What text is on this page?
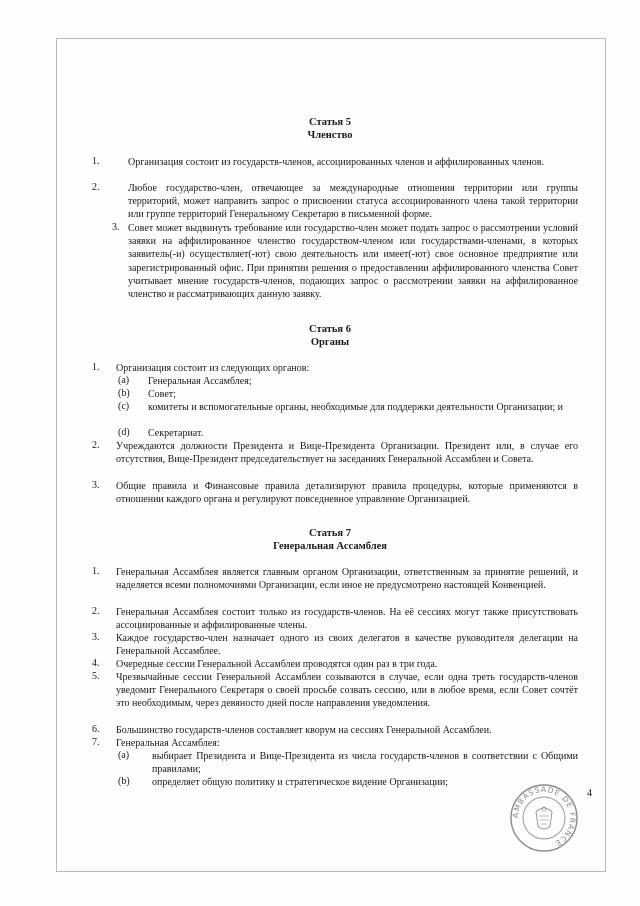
Статья 5
Членство
1.	Организация состоит из государств-членов, ассоциированных членов и аффилированных членов.
2.	Любое государство-член, отвечающее за международные отношения территории или группы территорий, может направить запрос о присвоении статуса ассоциированного члена такой территории или группе территорий Генеральному Секретарю в письменной форме.
3. Совет может выдвинуть требование или государство-член может подать запрос о рассмотрении условий заявки на аффилированное членство государством-членом или государствами-членами, в которых заявитель(-и) осуществляет(-ют) свою деятельность или имеет(-ют) свое основное предприятие или зарегистрированный офис. При принятии решения о предоставлении аффилированного членства Совет учитывает мнение государств-членов, подающих запрос о рассмотрении заявки на аффилированное членство и рассматривающих данную заявку.
Статья 6
Органы
1. Организация состоит из следующих органов:
(a) Генеральная Ассамблея;
(b) Совет;
(c) комитеты и вспомогательные органы, необходимые для поддержки деятельности Организации; и
(d) Секретариат.
2. Учреждаются должности Президента и Вице-Президента Организации. Президент или, в случае его отсутствия, Вице-Президент председательствует на заседаниях Генеральной Ассамблеи и Совета.
3. Общие правила и Финансовые правила детализируют правила процедуры, которые применяются в отношении каждого органа и регулируют повседневное управление Организацией.
Статья 7
Генеральная Ассамблея
1. Генеральная Ассамблея является главным органом Организации, ответственным за принятие решений, и наделяется всеми полномочиями Организации, если иное не предусмотрено настоящей Конвенцией.
2. Генеральная Ассамблея состоит только из государств-членов. На её сессиях могут также присутствовать ассоциированные и аффилированные члены.
3. Каждое государство-член назначает одного из своих делегатов в качестве руководителя делегации на Генеральной Ассамблее.
4. Очередные сессии Генеральной Ассамблеи проводятся один раз в три года.
5. Чрезвычайные сессии Генеральной Ассамблеи созываются в случае, если одна треть государств-членов уведомит Генерального Секретаря о своей просьбе созвать сессию, или в любое время, если Совет сочтёт это необходимым, через девяносто дней после направления уведомления.
6. Большинство государств-членов составляет кворум на сессиях Генеральной Ассамблеи.
7. Генеральная Ассамблея:
(a) выбирает Президента и Вице-Президента из числа государств-членов в соответствии с Общими правилами;
(b) определяет общую политику и стратегическое видение Организации;
4
AMBASSADE DE FRANCE
